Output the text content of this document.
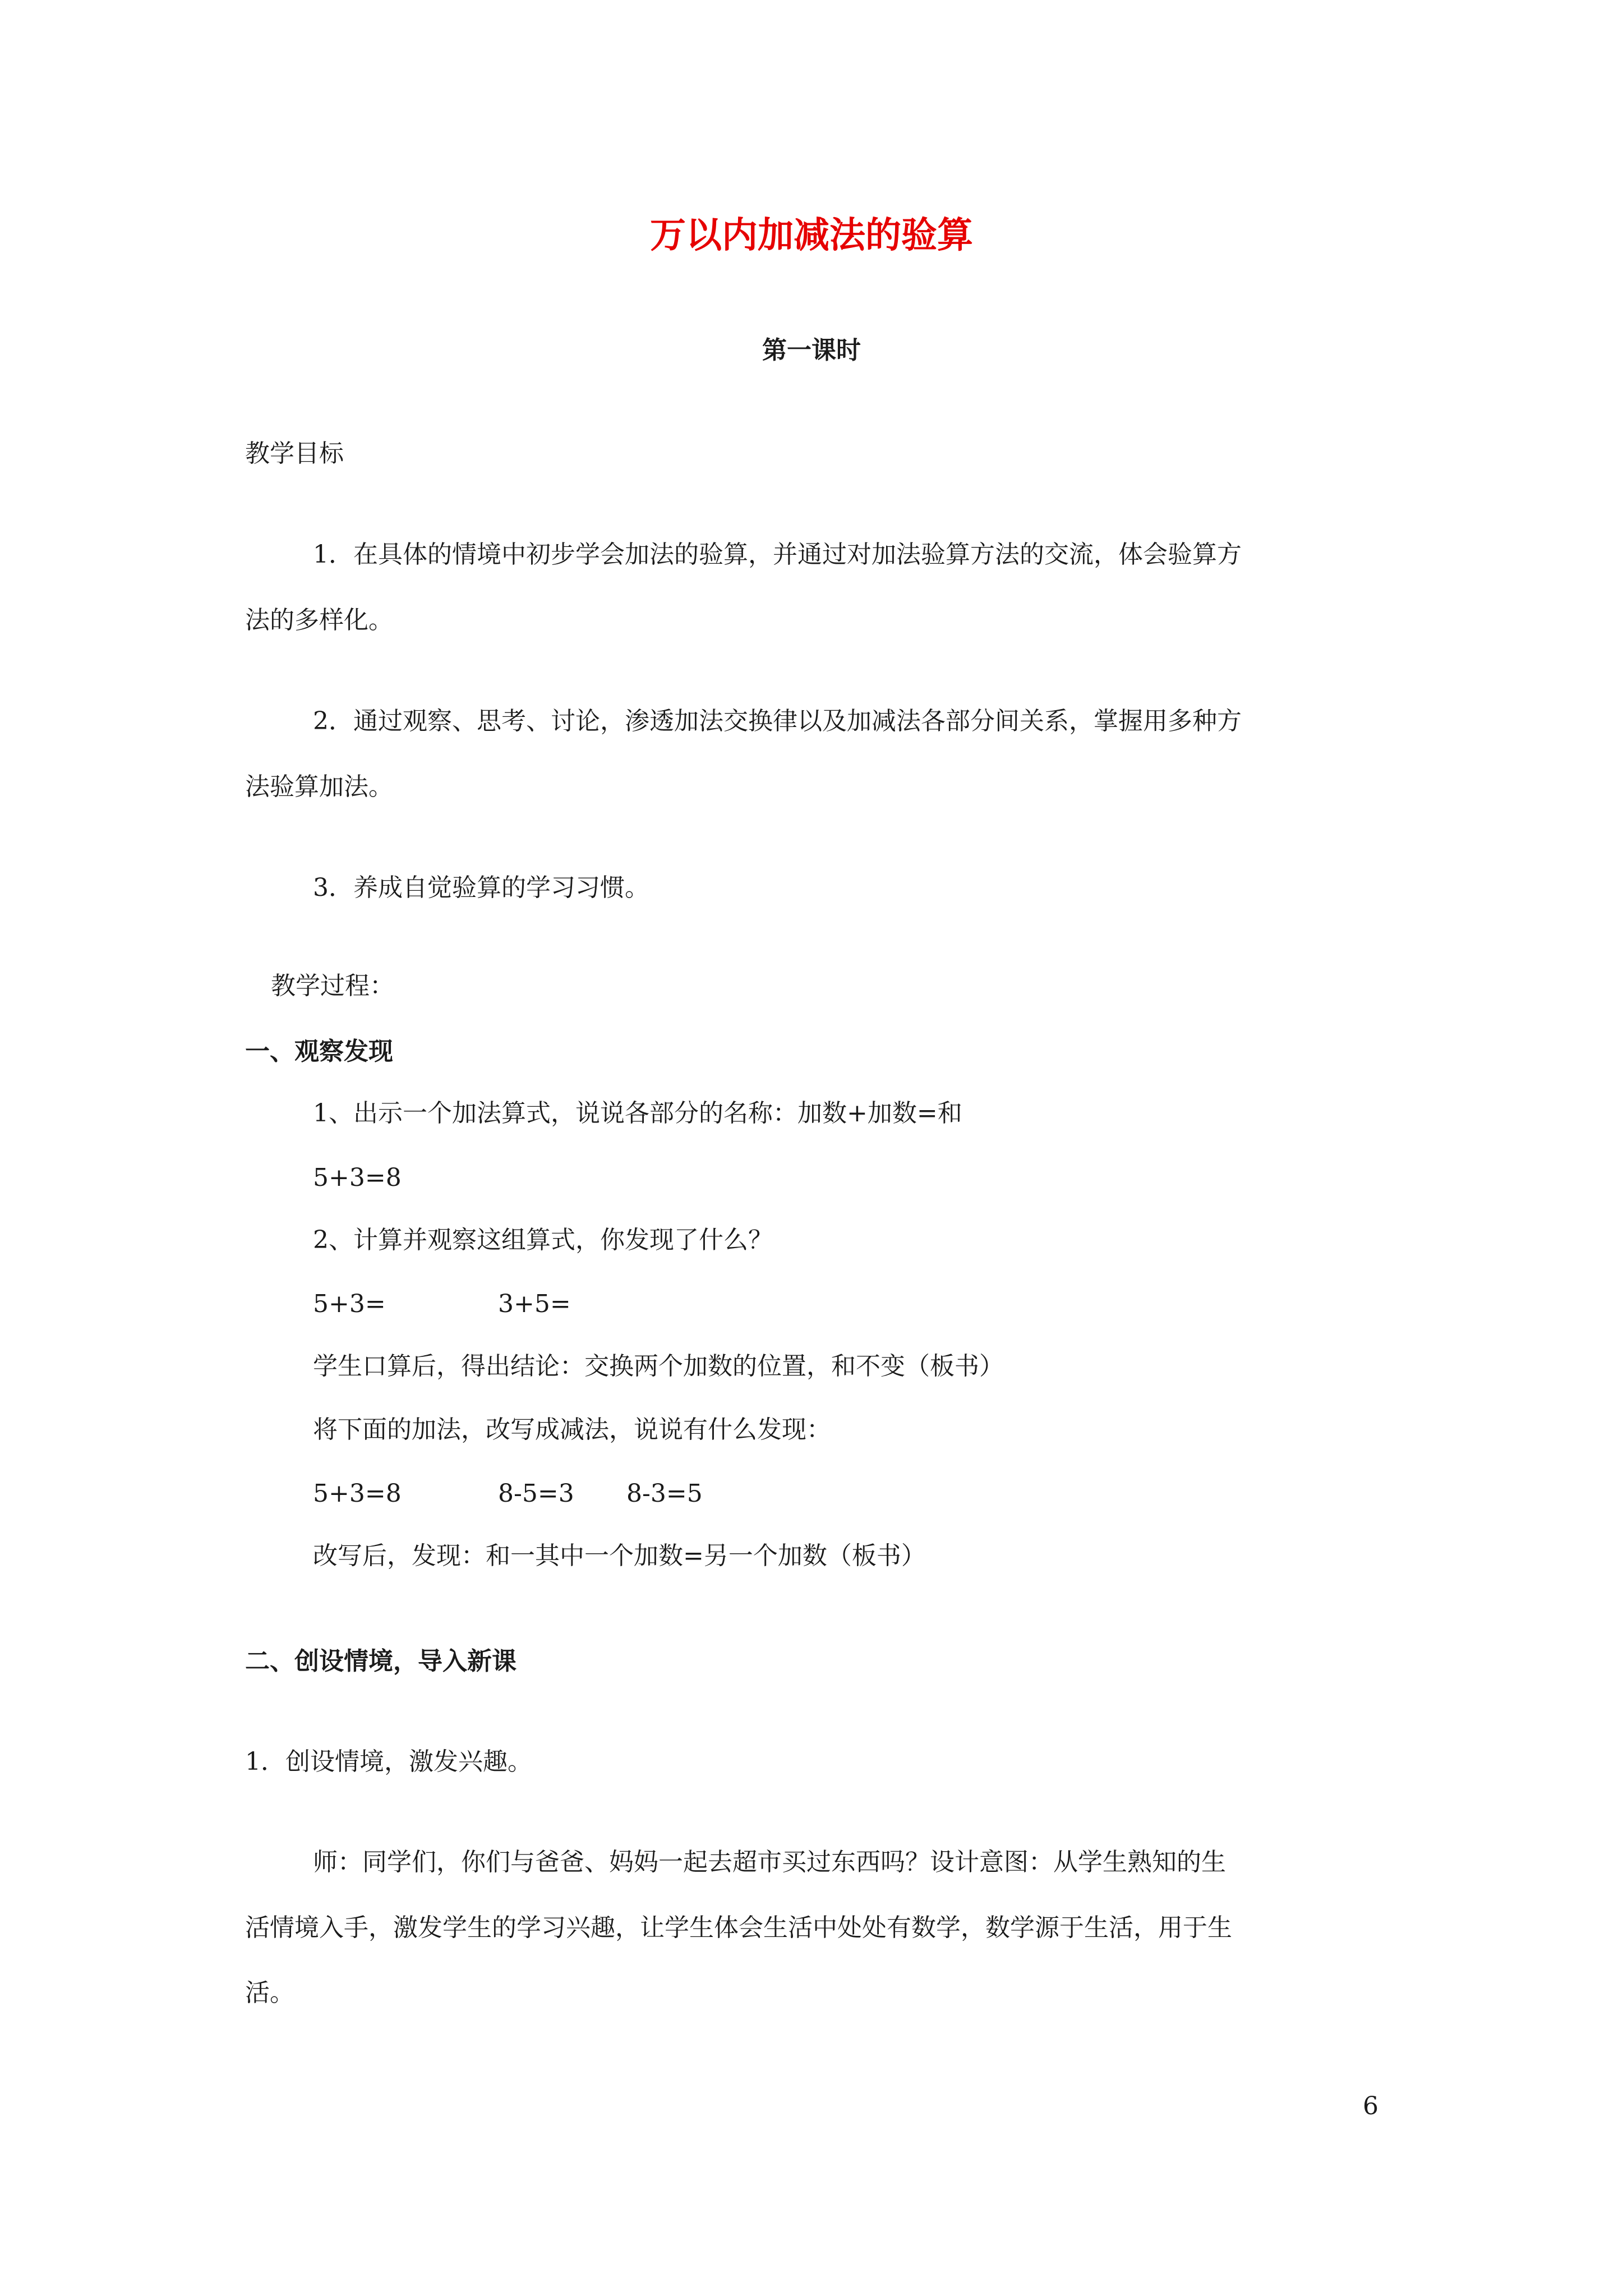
万以内加减法的验算
第一课时
教学目标
1．在具体的情境中初步学会加法的验算，并通过对加法验算方法的交流，体会验算方
法的多样化。
2．通过观察、思考、讨论，渗透加法交换律以及加减法各部分间关系，掌握用多种方
法验算加法。
3．养成自觉验算的学习习惯。
教学过程：
一、观察发现
1、出示一个加法算式，说说各部分的名称：加数+加数=和
5+3=8
2、计算并观察这组算式，你发现了什么？
5+3=	3+5=
学生口算后，得出结论：交换两个加数的位置，和不变（板书）
将下面的加法，改写成减法，说说有什么发现：
5+3=8	8-5=3 8-3=5
改写后，发现：和一其中一个加数=另一个加数（板书）
二、创设情境，导入新课
1．创设情境，激发兴趣。
师：同学们，你们与爸爸、妈妈一起去超市买过东西吗？设计意图：从学生熟知的生
活情境入手，激发学生的学习兴趣，让学生体会生活中处处有数学，数学源于生活，用于生
活。
6
